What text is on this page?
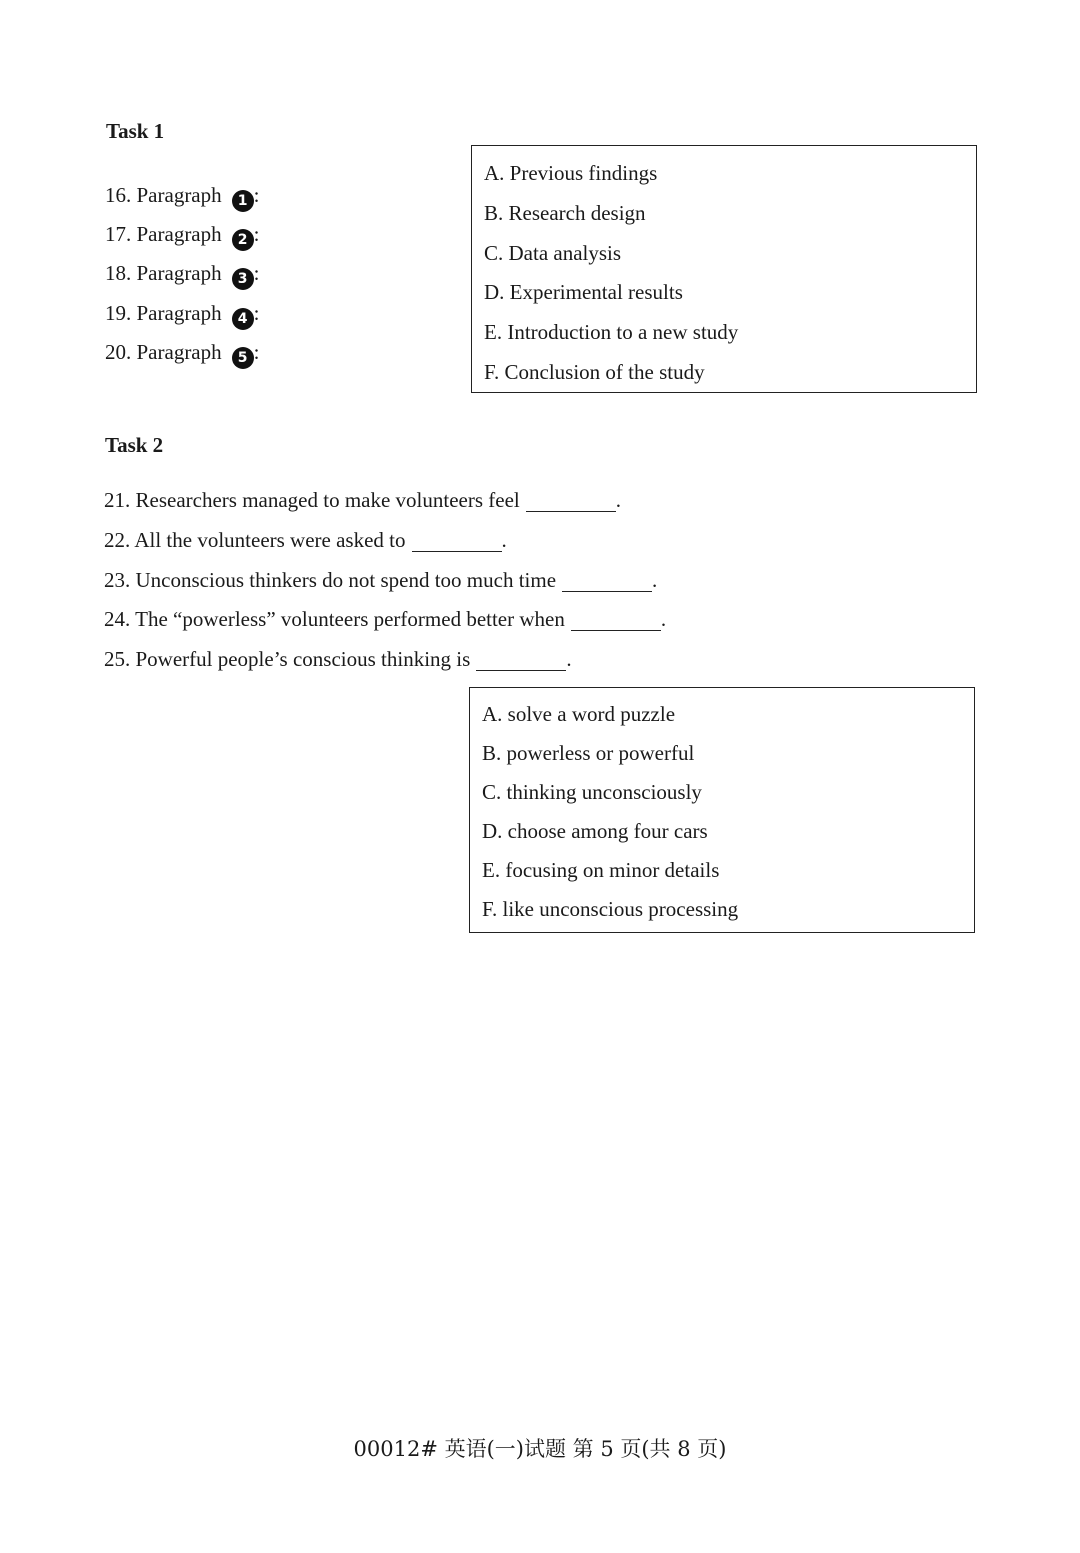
Task 1
16. Paragraph 1 :
17. Paragraph 2 :
18. Paragraph 3 :
19. Paragraph 4 :
20. Paragraph 5 :
A. Previous findings
B. Research design
C. Data analysis
D. Experimental results
E. Introduction to a new study
F. Conclusion of the study
Task 2
21. Researchers managed to make volunteers feel	.
22. All the volunteers were asked to	.
23. Unconscious thinkers do not spend too much time	.
24. The “powerless” volunteers performed better when	.
25. Powerful people’s conscious thinking is	.
A. solve a word puzzle
B. powerless or powerful
C. thinking unconsciously
D. choose among four cars
E. focusing on minor details
F. like unconscious processing

00012# 英语(一)试题 第 5 页(共 8 页)
